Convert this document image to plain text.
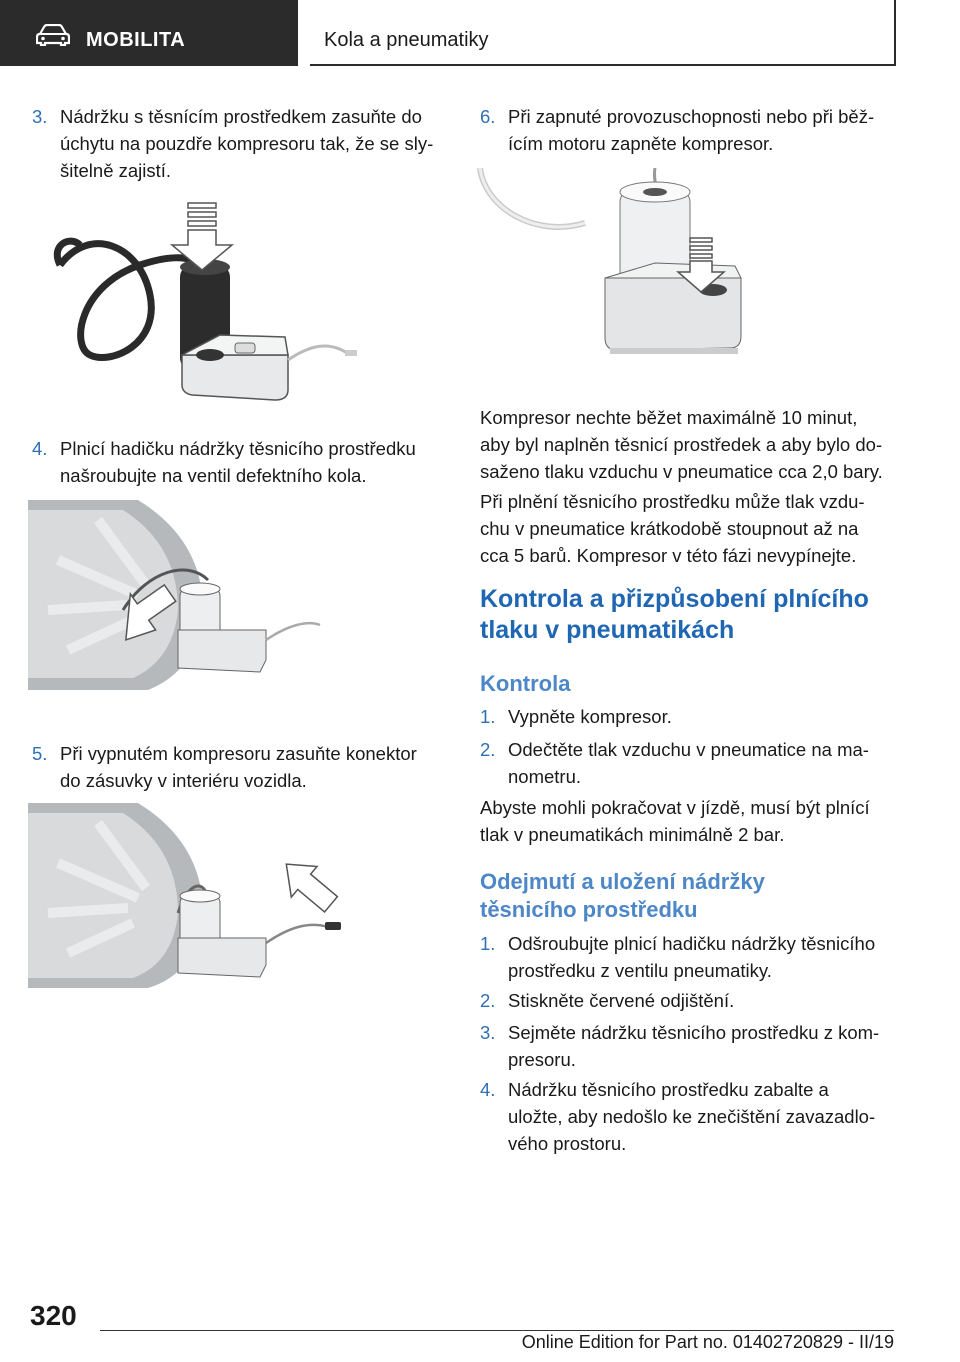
MOBILITA	Kola a pneumatiky
3. Nádržku s těsnícím prostředkem zasuňte do
úchytu na pouzdře kompresoru tak, že se sly-
šitelně zajistí.
4. Plnicí hadičku nádržky těsnicího prostředku
našroubujte na ventil defektního kola.
5. Při vypnutém kompresoru zasuňte konektor
do zásuvky v interiéru vozidla.
6. Při zapnuté provozuschopnosti nebo při běž-
ícím motoru zapněte kompresor.
Kompresor nechte běžet maximálně 10 minut,
aby byl naplněn těsnicí prostředek a aby bylo do-
saženo tlaku vzduchu v pneumatice cca 2,0 bary.
Při plnění těsnicího prostředku může tlak vzdu-
chu v pneumatice krátkodobě stoupnout až na
cca 5 barů. Kompresor v této fázi nevypínejte.
Kontrola a přizpůsobení plnícího
tlaku v pneumatikách
Kontrola
1. Vypněte kompresor.
2. Odečtěte tlak vzduchu v pneumatice na ma-
nometru.
Abyste mohli pokračovat v jízdě, musí být plnící
tlak v pneumatikách minimálně 2 bar.
Odejmutí a uložení nádržky
těsnicího prostředku
1. Odšroubujte plnicí hadičku nádržky těsnicího
prostředku z ventilu pneumatiky.
2. Stiskněte červené odjištění.
3. Sejměte nádržku těsnicího prostředku z kom-
presoru.
4. Nádržku těsnicího prostředku zabalte a
uložte, aby nedošlo ke znečištění zavazadlo-
vého prostoru.
320
Online Edition for Part no. 01402720829 - II/19
